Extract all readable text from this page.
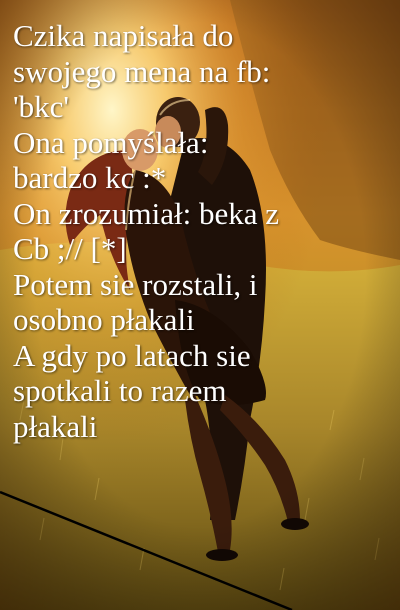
Czika napisała do
swojego mena na fb:
'bkc'
Ona pomyślała:
bardzo kc :*
On zrozumiał: beka z
Cb ;// [*]
Potem sie rozstali, i
osobno płakali
A gdy po latach sie
spotkali to razem
płakali
